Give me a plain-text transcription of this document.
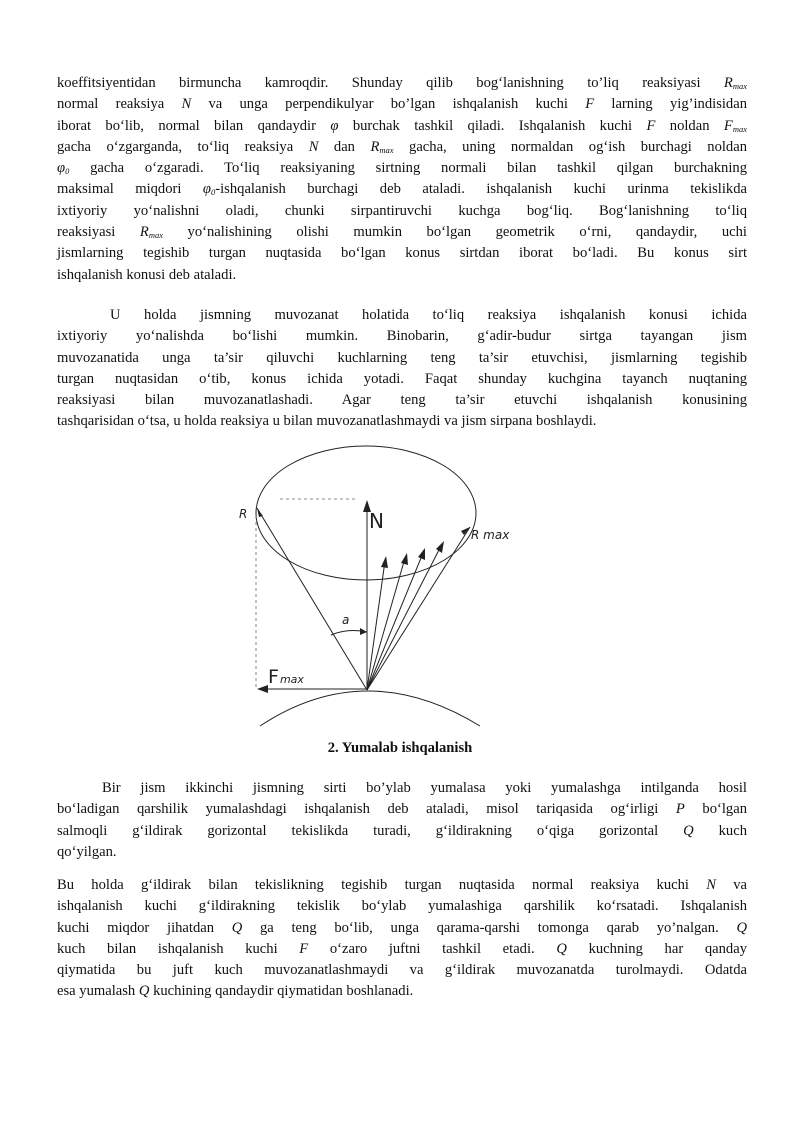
koeffitsiyentidan birmuncha kamroqdir. Shunday qilib bog‘lanishning to’liq reaksiyasi $R_{max}$
normal reaksiya N va unga perpendikulyar bo’lgan ishqalanish kuchi F larning yig’indisidan
iborat bo‘lib, normal bilan qandaydir φ burchak tashkil qiladi. Ishqalanish kuchi F noldan $F_{max}$
gacha o‘zgarganda, to‘liq reaksiya N dan $R_{max}$ gacha, uning normaldan og‘ish burchagi noldan
$\varphi_0$ gacha o‘zgaradi. To‘liq reaksiyaning sirtning normali bilan tashkil qilgan burchakning
maksimal miqdori $\varphi_0$-ishqalanish burchagi deb ataladi. ishqalanish kuchi urinma tekislikda
ixtiyoriy yo‘nalishni oladi, chunki sirpantiruvchi kuchga bog‘liq. Bog‘lanishning to‘liq
reaksiyasi $R_{max}$ yo‘nalishining olishi mumkin bo‘lgan geometrik o‘rni, qandaydir, uchi
jismlarning tegishib turgan nuqtasida bo‘lgan konus sirtdan iborat bo‘ladi. Bu konus sirt
ishqalanish konusi deb ataladi.
U holda jismning muvozanat holatida to‘liq reaksiya ishqalanish konusi ichida
ixtiyoriy yo‘nalishda bo‘lishi mumkin. Binobarin, g‘adir-budur sirtga tayangan jism
muvozanatida unga ta’sir qiluvchi kuchlarning teng ta’sir etuvchisi, jismlarning tegishib
turgan nuqtasidan o‘tib, konus ichida yotadi. Faqat shunday kuchgina tayanch nuqtaning
reaksiyasi bilan muvozanatlashadi. Agar teng ta’sir etuvchi ishqalanish konusining
tashqarisidan o‘tsa, u holda reaksiya u bilan muvozanatlashmaydi va jism sirpana boshlaydi.
R	N
R max
a
Fmax
2. Yumalab ishqalanish
Bir jism ikkinchi jismning sirti bo’ylab yumalasa yoki yumalashga intilganda hosil
bo‘ladigan qarshilik yumalashdagi ishqalanish deb ataladi, misol tariqasida og‘irligi P bo‘lgan
salmoqli g‘ildirak gorizontal tekislikda turadi, g‘ildirakning o‘qiga gorizontal Q kuch
qo‘yilgan.
Bu holda g‘ildirak bilan tekislikning tegishib turgan nuqtasida normal reaksiya kuchi N va
ishqalanish kuchi g‘ildirakning tekislik bo‘ylab yumalashiga qarshilik ko‘rsatadi. Ishqalanish
kuchi miqdor jihatdan Q ga teng bo‘lib, unga qarama-qarshi tomonga qarab yo’nalgan. Q
kuch bilan ishqalanish kuchi F o‘zaro juftni tashkil etadi. Q kuchning har qanday
qiymatida bu juft kuch muvozanatlashmaydi va g‘ildirak muvozanatda turolmaydi. Odatda
esa yumalash Q kuchining qandaydir qiymatidan boshlanadi.
